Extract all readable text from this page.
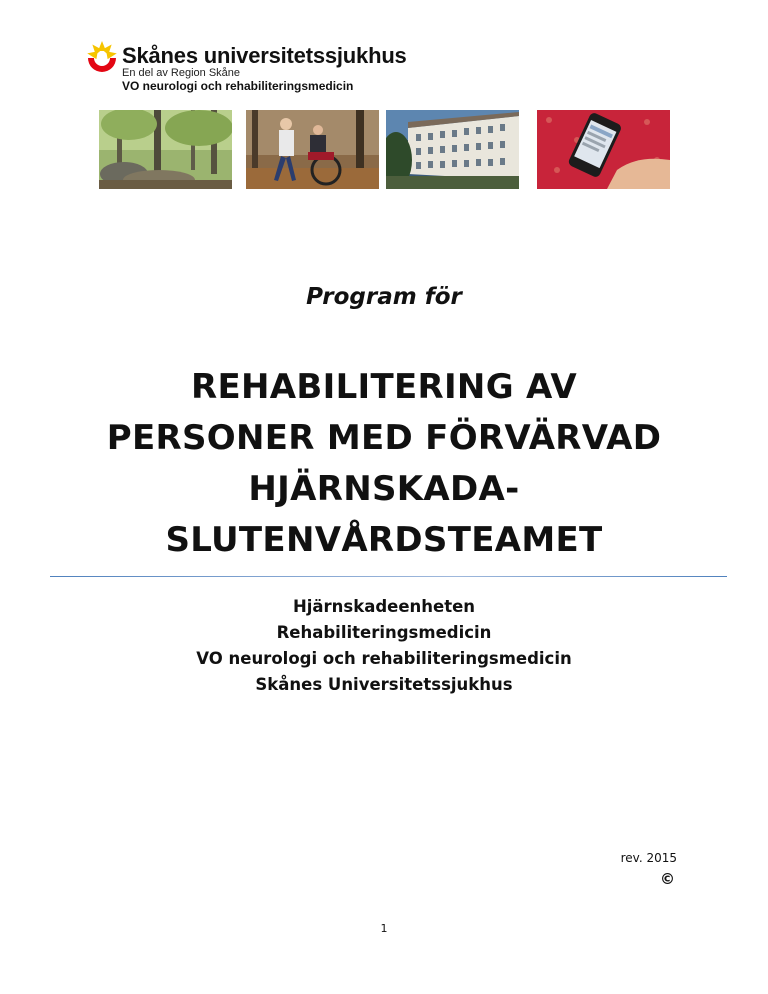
Skånes universitetssjukhus
En del av Region Skåne
VO neurologi och rehabiliteringsmedicin
Program för
REHABILITERING AV
PERSONER MED FÖRVÄRVAD
HJÄRNSKADA-
SLUTENVÅRDSTEAMET
Hjärnskadeenheten
Rehabiliteringsmedicin
VO neurologi och rehabiliteringsmedicin
Skånes Universitetssjukhus
rev. 2015
©
1
